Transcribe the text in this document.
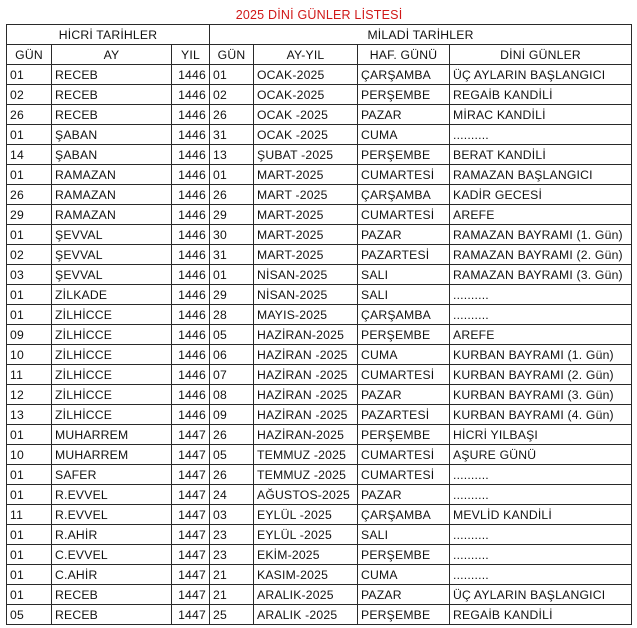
2025 DİNİ GÜNLER LİSTESİ						
HİCRİ TARİHLER			MİLADİ TARİHLER			
GÜN	AY	YIL	GÜN	AY-YIL	HAF. GÜNÜ	DİNİ GÜNLER
01	RECEB	1446	01	OCAK-2025	ÇARŞAMBA	ÜÇ AYLARIN BAŞLANGICI
02	RECEB	1446	02	OCAK-2025	PERŞEMBE	REGAİB KANDİLİ
26	RECEB	1446	26	OCAK -2025	PAZAR	MİRAC KANDİLİ
01	ŞABAN	1446	31	OCAK -2025	CUMA	..........
14	ŞABAN	1446	13	ŞUBAT -2025	PERŞEMBE	BERAT KANDİLİ
01	RAMAZAN	1446	01	MART-2025	CUMARTESİ	RAMAZAN BAŞLANGICI
26	RAMAZAN	1446	26	MART -2025	ÇARŞAMBA	KADİR GECESİ
29	RAMAZAN	1446	29	MART-2025	CUMARTESİ	AREFE
01	ŞEVVAL	1446	30	MART-2025	PAZAR	RAMAZAN BAYRAMI (1. Gün)
02	ŞEVVAL	1446	31	MART-2025	PAZARTESİ	RAMAZAN BAYRAMI (2. Gün)
03	ŞEVVAL	1446	01	NİSAN-2025	SALI	RAMAZAN BAYRAMI (3. Gün)
01	ZİLKADE	1446	29	NİSAN-2025	SALI	..........
01	ZİLHİCCE	1446	28	MAYIS-2025	ÇARŞAMBA	..........
09	ZİLHİCCE	1446	05	HAZİRAN-2025	PERŞEMBE	AREFE
10	ZİLHİCCE	1446	06	HAZİRAN -2025	CUMA	KURBAN BAYRAMI (1. Gün)
11	ZİLHİCCE	1446	07	HAZİRAN -2025	CUMARTESİ	KURBAN BAYRAMI (2. Gün)
12	ZİLHİCCE	1446	08	HAZİRAN -2025	PAZAR	KURBAN BAYRAMI (3. Gün)
13	ZİLHİCCE	1446	09	HAZİRAN -2025	PAZARTESİ	KURBAN BAYRAMI (4. Gün)
01	MUHARREM	1447	26	HAZİRAN-2025	PERŞEMBE	HİCRİ YILBAŞI
10	MUHARREM	1447	05	TEMMUZ -2025	CUMARTESİ	AŞURE GÜNÜ
01	SAFER	1447	26	TEMMUZ -2025	CUMARTESİ	..........
01	R.EVVEL	1447	24	AĞUSTOS-2025	PAZAR	..........
11	R.EVVEL	1447	03	EYLÜL -2025	ÇARŞAMBA	MEVLİD KANDİLİ
01	R.AHİR	1447	23	EYLÜL -2025	SALI	..........
01	C.EVVEL	1447	23	EKİM-2025	PERŞEMBE	..........
01	C.AHİR	1447	21	KASIM-2025	CUMA	..........
01	RECEB	1447	21	ARALIK-2025	PAZAR	ÜÇ AYLARIN BAŞLANGICI
05	RECEB	1447	25	ARALIK -2025	PERŞEMBE	REGAİB KANDİLİ
